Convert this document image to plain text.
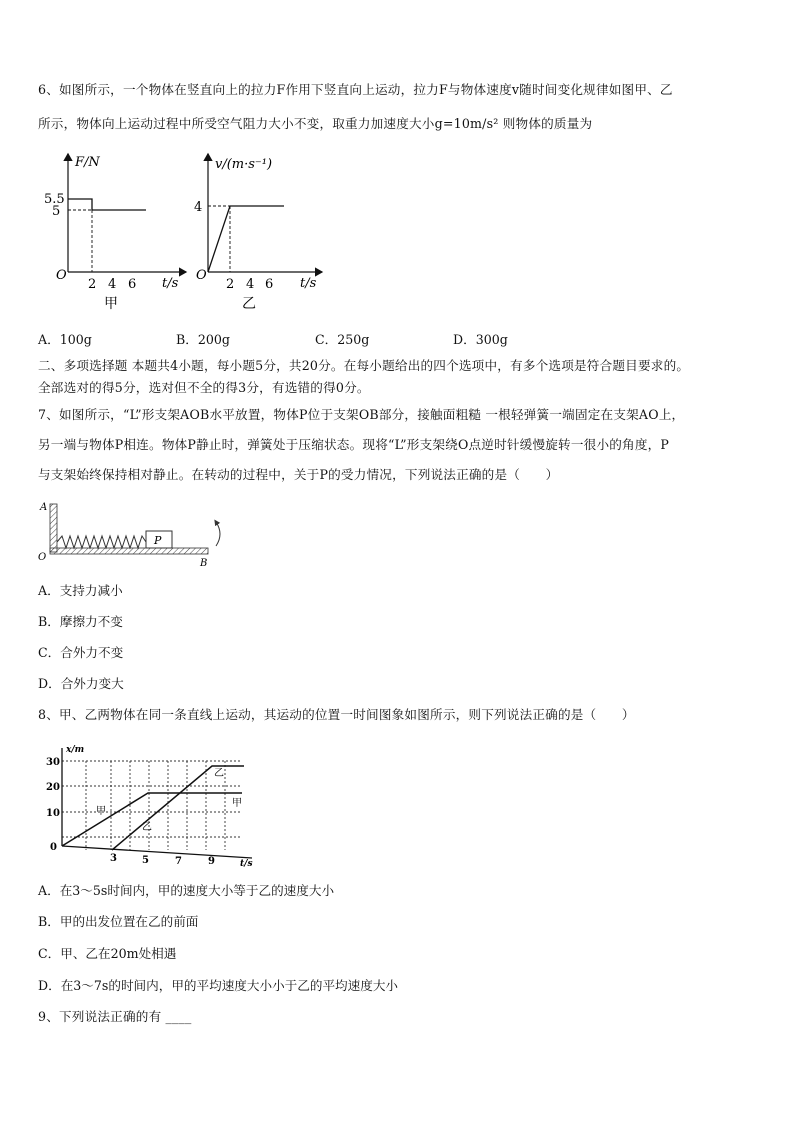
6、如图所示，一个物体在竖直向上的拉力F作用下竖直向上运动，拉力F与物体速度v随时间变化规律如图甲、乙
所示，物体向上运动过程中所受空气阻力大小不变，取重力加速度大小g=10m/s² 则物体的质量为
F/N
5.5
5
O
2 4 6 t/s
甲
v/(m·s⁻¹)
4
O
2 4 6 t/s
乙
A．100g	B．200g	C．250g	D．300g
二、多项选择题 本题共4小题，每小题5分，共20分。在每小题给出的四个选项中，有多个选项是符合题目要求的。
全部选对的得5分，选对但不全的得3分，有选错的得0分。
7、如图所示，“L”形支架AOB水平放置，物体P位于支架OB部分，接触面粗糙 一根轻弹簧一端固定在支架AO上，
另一端与物体P相连。物体P静止时，弹簧处于压缩状态。现将“L”形支架绕O点逆时针缓慢旋转一很小的角度，P
与支架始终保持相对静止。在转动的过程中，关于P的受力情况，下列说法正确的是（　　）
P
A
O
B
A．支持力减小
B．摩擦力不变
C．合外力不变
D．合外力变大
8、甲、乙两物体在同一条直线上运动，其运动的位置一时间图象如图所示，则下列说法正确的是（　　）
30
20
10
0
3	5	7	9
x/m
t/s
甲
甲
乙
乙
A．在3～5s时间内，甲的速度大小等于乙的速度大小
B．甲的出发位置在乙的前面
C．甲、乙在20m处相遇
D．在3～7s的时间内，甲的平均速度大小小于乙的平均速度大小
9、下列说法正确的有 ____
